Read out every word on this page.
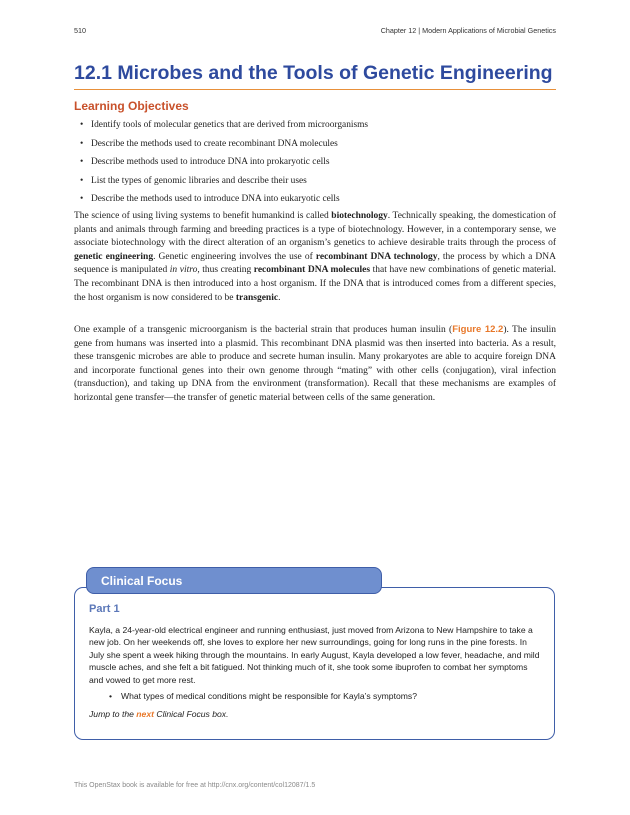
510	Chapter 12 | Modern Applications of Microbial Genetics
12.1 Microbes and the Tools of Genetic Engineering
Learning Objectives
• Identify tools of molecular genetics that are derived from microorganisms
• Describe the methods used to create recombinant DNA molecules
• Describe methods used to introduce DNA into prokaryotic cells
• List the types of genomic libraries and describe their uses
• Describe the methods used to introduce DNA into eukaryotic cells

The science of using living systems to benefit humankind is called biotechnology. Technically speaking, the domestication of plants and animals through farming and breeding practices is a type of biotechnology. However, in a contemporary sense, we associate biotechnology with the direct alteration of an organism’s genetics to achieve desirable traits through the process of genetic engineering. Genetic engineering involves the use of recombinant DNA technology, the process by which a DNA sequence is manipulated in vitro, thus creating recombinant DNA molecules that have new combinations of genetic material. The recombinant DNA is then introduced into a host organism. If the DNA that is introduced comes from a different species, the host organism is now considered to be transgenic.

One example of a transgenic microorganism is the bacterial strain that produces human insulin (Figure 12.2). The insulin gene from humans was inserted into a plasmid. This recombinant DNA plasmid was then inserted into bacteria. As a result, these transgenic microbes are able to produce and secrete human insulin. Many prokaryotes are able to acquire foreign DNA and incorporate functional genes into their own genome through “mating” with other cells (conjugation), viral infection (transduction), and taking up DNA from the environment (transformation). Recall that these mechanisms are examples of horizontal gene transfer—the transfer of genetic material between cells of the same generation.

Clinical Focus
Part 1

Kayla, a 24-year-old electrical engineer and running enthusiast, just moved from Arizona to New Hampshire to take a new job. On her weekends off, she loves to explore her new surroundings, going for long runs in the pine forests. In July she spent a week hiking through the mountains. In early August, Kayla developed a low fever, headache, and mild muscle aches, and she felt a bit fatigued. Not thinking much of it, she took some ibuprofen to combat her symptoms and vowed to get more rest.

• What types of medical conditions might be responsible for Kayla’s symptoms?

Jump to the next Clinical Focus box.

This OpenStax book is available for free at http://cnx.org/content/col12087/1.5
